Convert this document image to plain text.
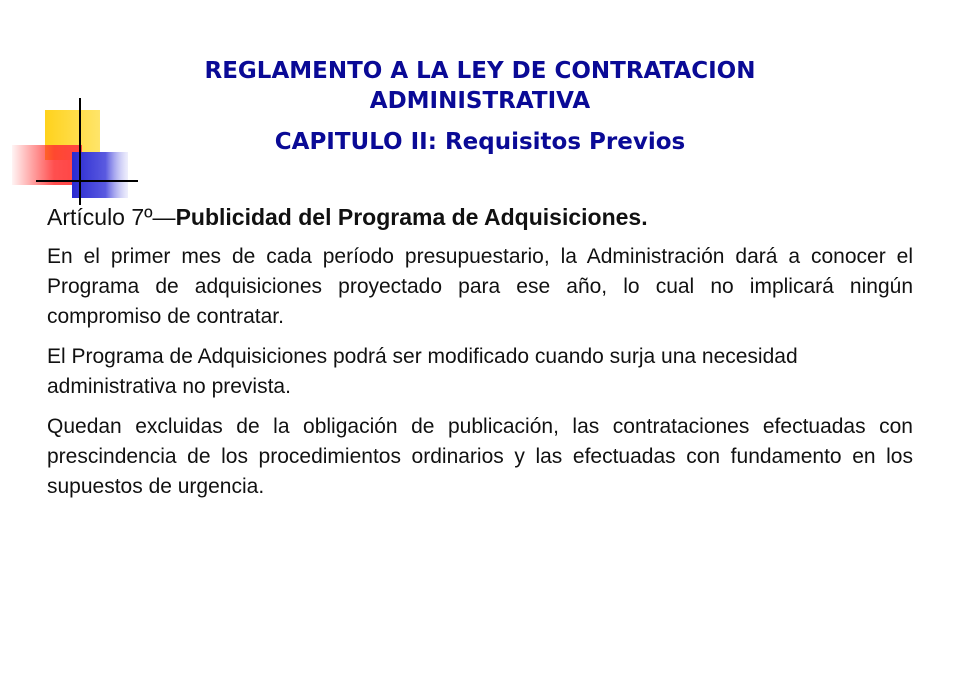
REGLAMENTO A LA LEY DE CONTRATACION ADMINISTRATIVA
CAPITULO II: Requisitos Previos
Artículo 7º—Publicidad del Programa de Adquisiciones.

En el primer mes de cada período presupuestario, la Administración dará a conocer el Programa de adquisiciones proyectado para ese año, lo cual no implicará ningún compromiso de contratar.

El Programa de Adquisiciones podrá ser modificado cuando surja una necesidad administrativa no prevista.

Quedan excluidas de la obligación de publicación, las contrataciones efectuadas con prescindencia de los procedimientos ordinarios y las efectuadas con fundamento en los supuestos de urgencia.
